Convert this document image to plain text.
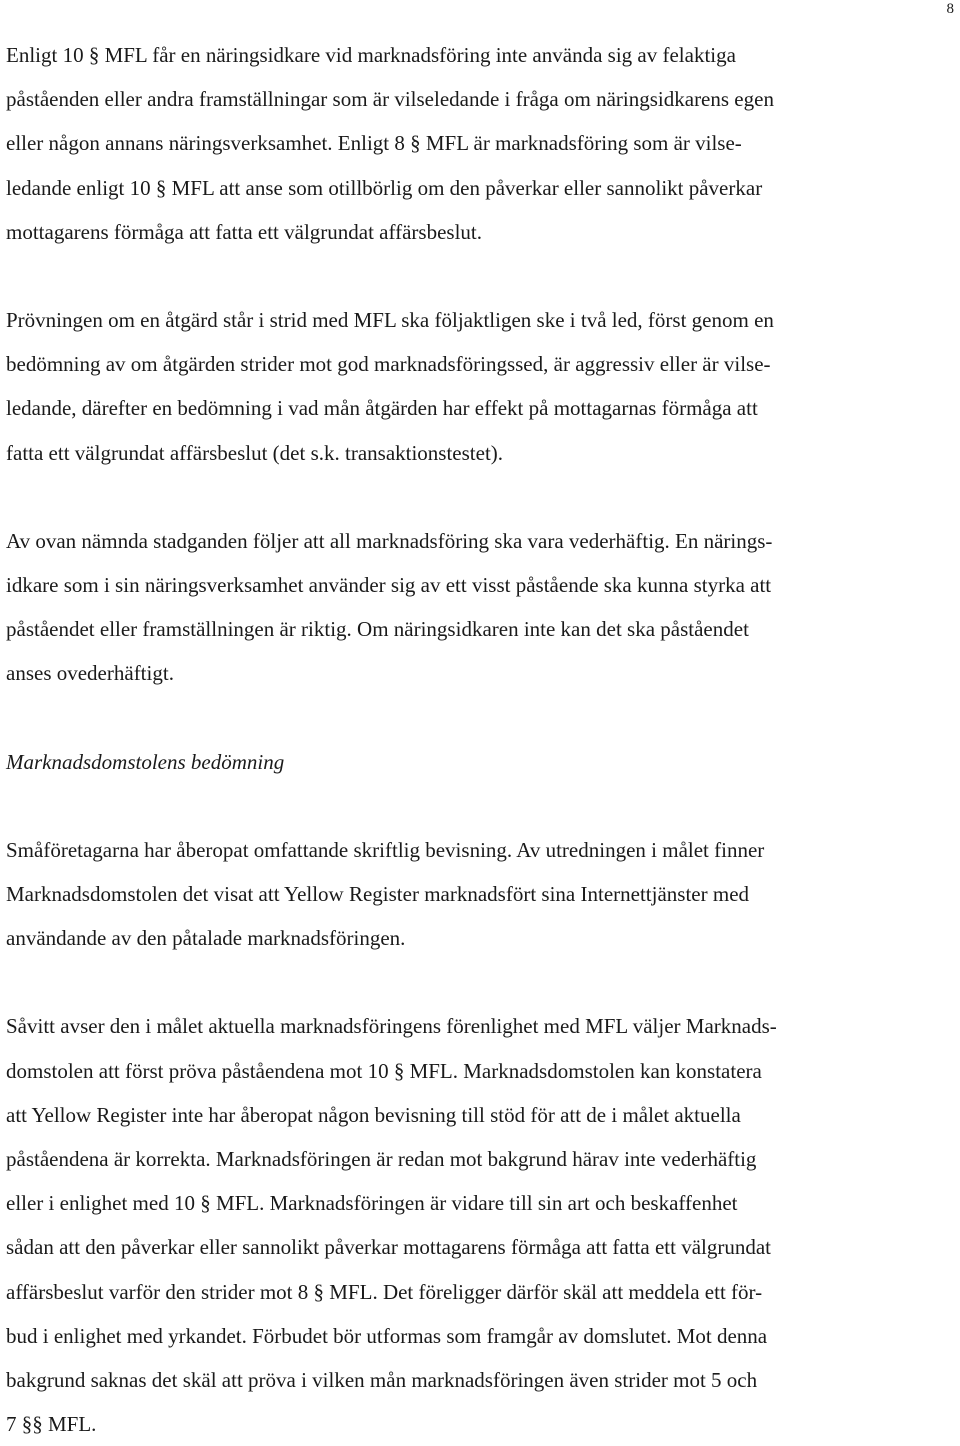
8

Enligt 10 § MFL får en näringsidkare vid marknadsföring inte använda sig av felaktiga
påståenden eller andra framställningar som är vilseledande i fråga om näringsidkarens egen
eller någon annans näringsverksamhet. Enligt 8 § MFL är marknadsföring som är vilse-
ledande enligt 10 § MFL att anse som otillbörlig om den påverkar eller sannolikt påverkar
mottagarens förmåga att fatta ett välgrundat affärsbeslut.

Prövningen om en åtgärd står i strid med MFL ska följaktligen ske i två led, först genom en
bedömning av om åtgärden strider mot god marknadsföringssed, är aggressiv eller är vilse-
ledande, därefter en bedömning i vad mån åtgärden har effekt på mottagarnas förmåga att
fatta ett välgrundat affärsbeslut (det s.k. transaktionstestet).

Av ovan nämnda stadganden följer att all marknadsföring ska vara vederhäftig. En närings-
idkare som i sin näringsverksamhet använder sig av ett visst påstående ska kunna styrka att
påståendet eller framställningen är riktig. Om näringsidkaren inte kan det ska påståendet
anses ovederhäftigt.

Marknadsdomstolens bedömning

Småföretagarna har åberopat omfattande skriftlig bevisning. Av utredningen i målet finner
Marknadsdomstolen det visat att Yellow Register marknadsfört sina Internettjänster med
användande av den påtalade marknadsföringen.

Såvitt avser den i målet aktuella marknadsföringens förenlighet med MFL väljer Marknads-
domstolen att först pröva påståendena mot 10 § MFL. Marknadsdomstolen kan konstatera
att Yellow Register inte har åberopat någon bevisning till stöd för att de i målet aktuella
påståendena är korrekta. Marknadsföringen är redan mot bakgrund härav inte vederhäftig
eller i enlighet med 10 § MFL. Marknadsföringen är vidare till sin art och beskaffenhet
sådan att den påverkar eller sannolikt påverkar mottagarens förmåga att fatta ett välgrundat
affärsbeslut varför den strider mot 8 § MFL. Det föreligger därför skäl att meddela ett för-
bud i enlighet med yrkandet. Förbudet bör utformas som framgår av domslutet. Mot denna
bakgrund saknas det skäl att pröva i vilken mån marknadsföringen även strider mot 5 och
7 §§ MFL.
